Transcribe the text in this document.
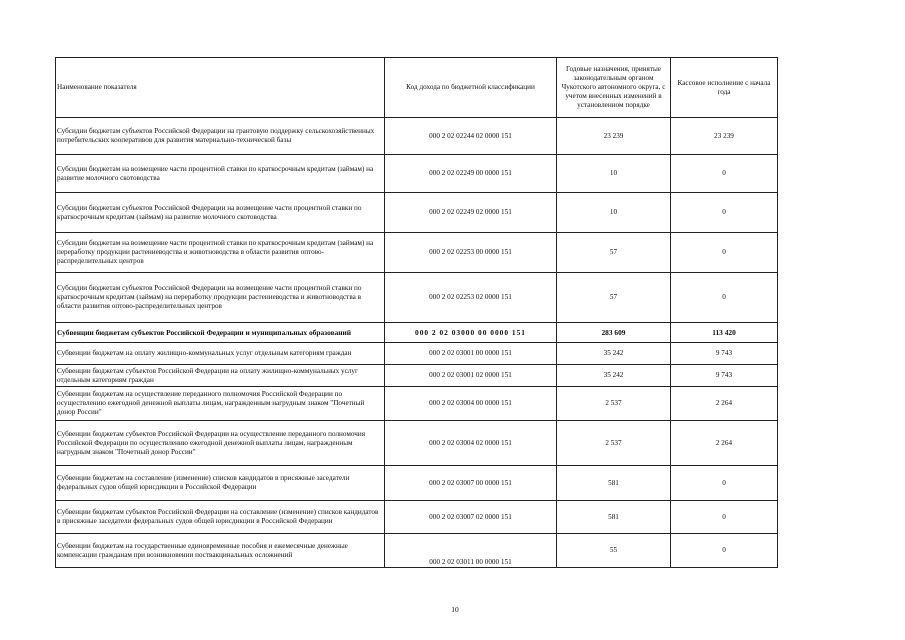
Наименование показателя	Код дохода по бюджетной классификации	Годовые назначения, принятые законодательным органом Чукотского автономного округа, с учетом внесенных изменений в установленном порядке	Кассовое исполнение с начала года
Субсидии бюджетам субъектов Российской Федерации на грантовую поддержку сельскохозяйственных потребительских кооперативов для развития материально-технической базы	000 2 02 02244 02 0000 151	23 239	23 239
Субсидии бюджетам на возмещение части процентной ставки по краткосрочным кредитам (займам) на развитие молочного скотоводства	000 2 02 02249 00 0000 151	10	0
Субсидии бюджетам субъектов Российской Федерации на возмещение части процентной ставки по краткосрочным кредитам (займам) на развитие молочного скотоводства	000 2 02 02249 02 0000 151	10	0
Субсидии бюджетам на возмещение части процентной ставки по краткосрочным кредитам (займам) на переработку продукции растениеводства и животноводства в области развития оптово-распределительных центров	000 2 02 02253 00 0000 151	57	0
Субсидии бюджетам субъектов Российской Федерации на возмещение части процентной ставки по краткосрочным кредитам (займам) на переработку продукции растениеводства и животноводства в области развития оптово-распределительных центров	000 2 02 02253 02 0000 151	57	0
Субвенции бюджетам субъектов Российской Федерации и муниципальных образований	000 2 02 03000 00 0000 151	283 609	113 420
Субвенции бюджетам на оплату жилищно-коммунальных услуг отдельным категориям граждан	000 2 02 03001 00 0000 151	35 242	9 743
Субвенции бюджетам субъектов Российской Федерации на оплату жилищно-коммунальных услуг отдельным категориям граждан	000 2 02 03001 02 0000 151	35 242	9 743
Субвенции бюджетам на осуществление переданного полномочия Российской Федерации по осуществлению ежегодной денежной выплаты лицам, награжденным нагрудным знаком "Почетный донор России"	000 2 02 03004 00 0000 151	2 537	2 264
Субвенции бюджетам субъектов Российской Федерации на осуществление переданного полномочия Российской Федерации по осуществлению ежегодной денежной выплаты лицам, награжденным нагрудным знаком "Почетный донор России"	000 2 02 03004 02 0000 151	2 537	2 264
Субвенции бюджетам на составление (изменение) списков кандидатов в присяжные заседатели федеральных судов общей юрисдикции в Российской Федерации	000 2 02 03007 00 0000 151	581	0
Субвенции бюджетам субъектов Российской Федерации на составление (изменение) списков кандидатов в присяжные заседатели федеральных судов общей юрисдикции в Российской Федерации	000 2 02 03007 02 0000 151	581	0
Субвенции бюджетам на государственные единовременные пособия и ежемесячные денежные компенсации гражданам при возникновении поствакцинальных осложнений	000 2 02 03011 00 0000 151	55	0
10
